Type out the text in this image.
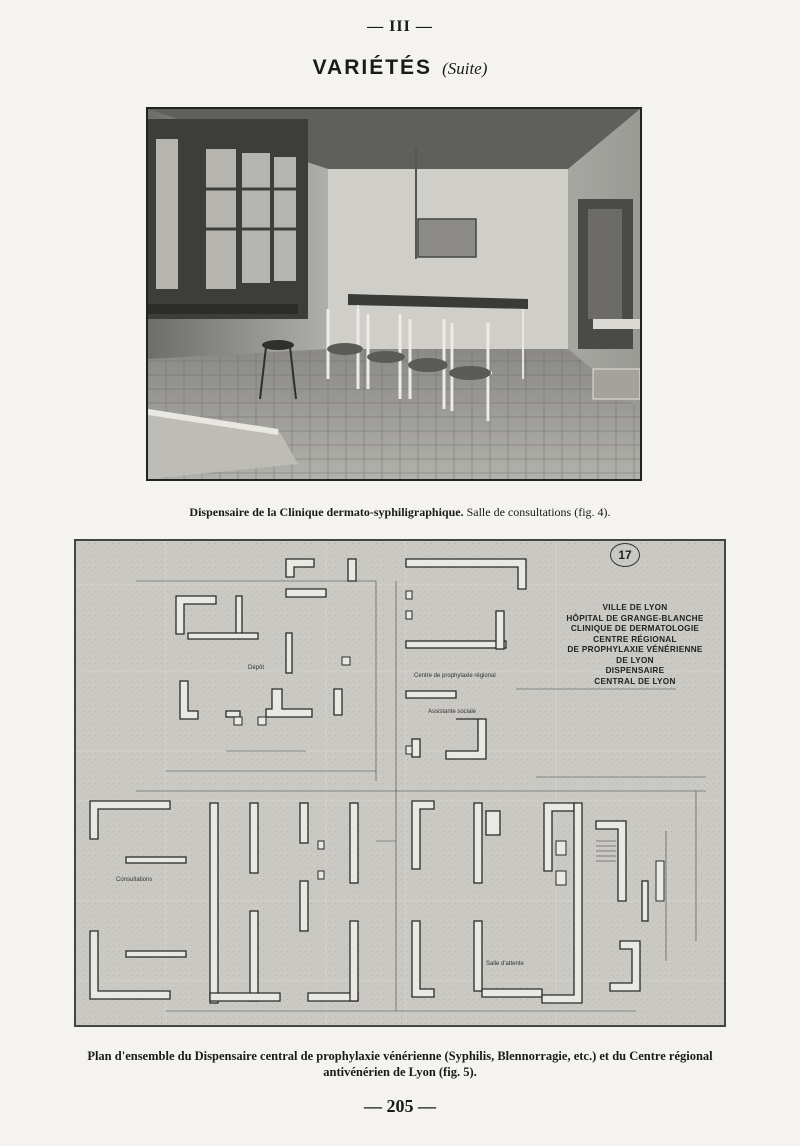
— III —
VARIÉTÉS (Suite)
Dispensaire de la Clinique dermato-syphiligraphique. Salle de consultations (fig. 4).
17
VILLE DE LYON
HÔPITAL DE GRANGE-BLANCHE
CLINIQUE DE DERMATOLOGIE
CENTRE RÉGIONAL
DE PROPHYLAXIE VÉNÉRIENNE
DE LYON
DISPENSAIRE
CENTRAL DE LYON
Centre de prophylaxie régional
Consultations
Dépôt
Assistante sociale
Salle d'attente
Plan d'ensemble du Dispensaire central de prophylaxie vénérienne (Syphilis, Blennorragie, etc.) et du Centre régional
antivénérien de Lyon (fig. 5).
— 205 —
